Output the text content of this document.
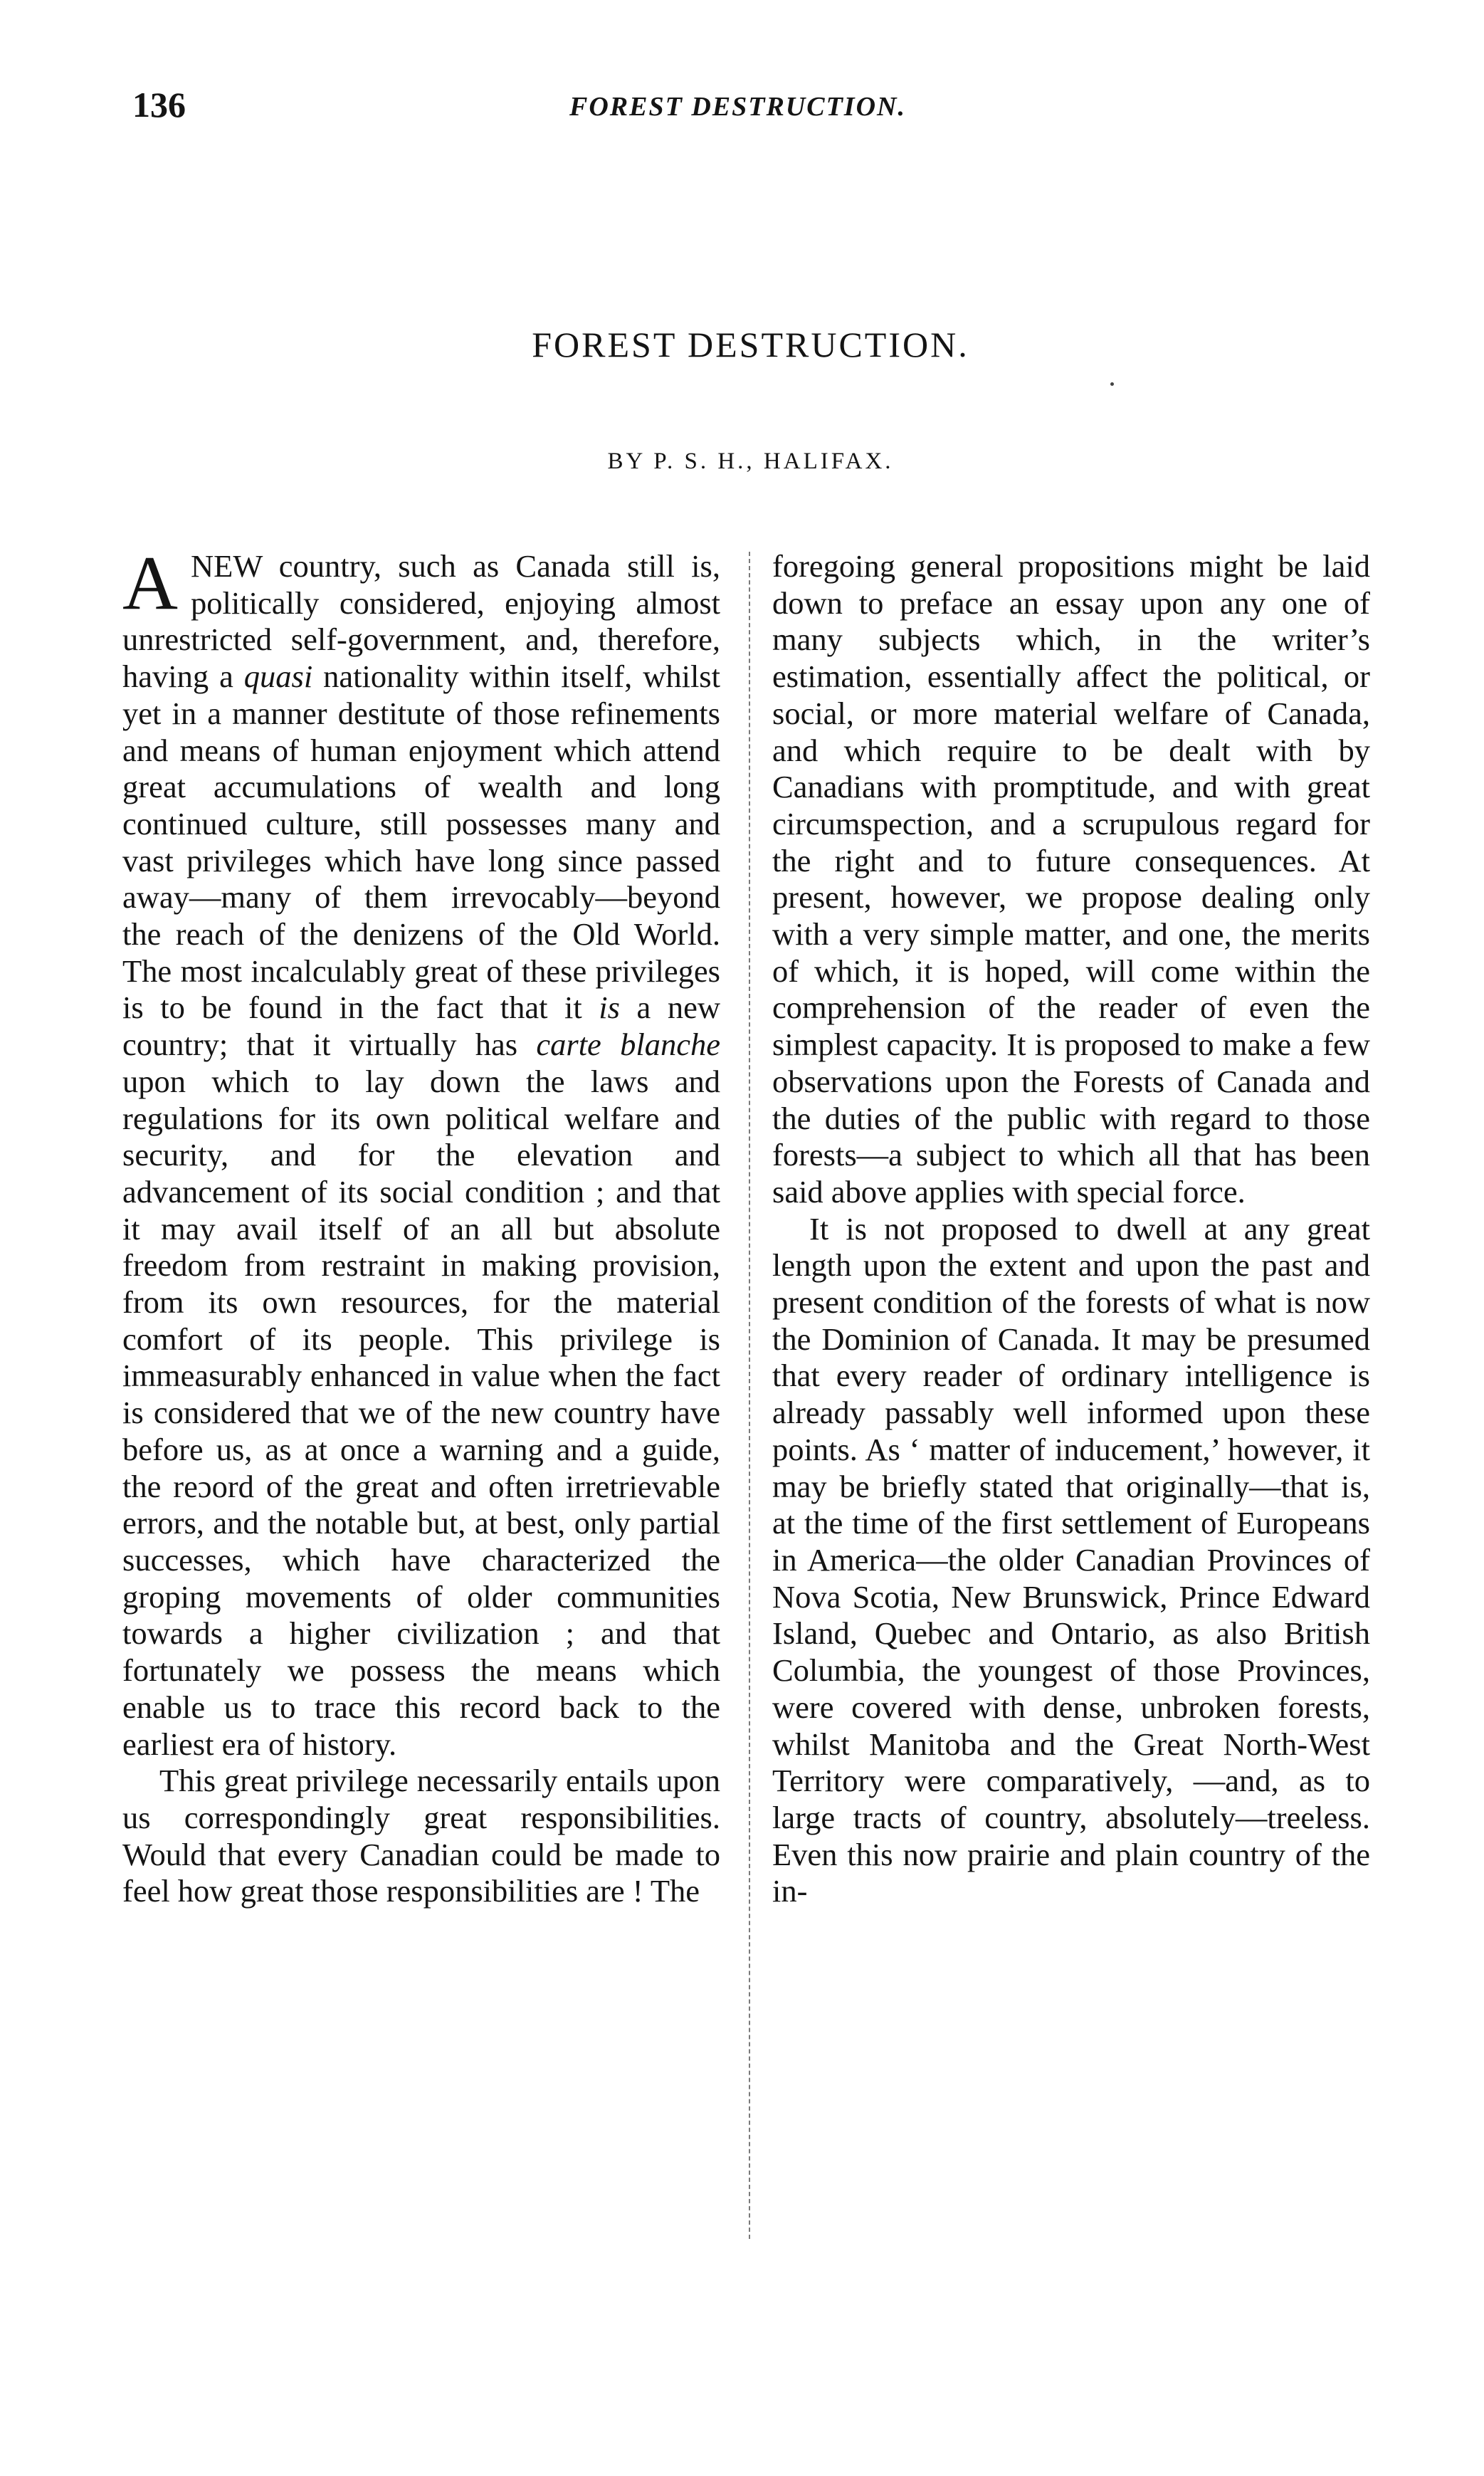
136	FOREST DESTRUCTION.
FOREST DESTRUCTION.
BY P. S. H., HALIFAX.

ANEW country, such as Canada still is, politically considered, enjoying almost unrestricted self-government, and, therefore, having a quasi nationality within itself, whilst yet in a manner destitute of those refinements and means of human enjoyment which attend great accumulations of wealth and long continued culture, still possesses many and vast privileges which have long since passed away—many of them irrevocably—beyond the reach of the denizens of the Old World. The most incalculably great of these privileges is to be found in the fact that it is a new country; that it virtually has carte blanche upon which to lay down the laws and regulations for its own political welfare and security, and for the elevation and advancement of its social condition ; and that it may avail itself of an all but absolute freedom from restraint in making provision, from its own resources, for the material comfort of its people. This privilege is immeasurably enhanced in value when the fact is considered that we of the new country have before us, as at once a warning and a guide, the reɔord of the great and often irretrievable errors, and the notable but, at best, only partial successes, which have characterized the groping movements of older communities towards a higher civilization ; and that fortunately we possess the means which enable us to trace this record back to the earliest era of history.

This great privilege necessarily entails upon us correspondingly great responsibilities. Would that every Canadian could be made to feel how great those responsibilities are ! The

foregoing general propositions might be laid down to preface an essay upon any one of many subjects which, in the writer’s estimation, essentially affect the political, or social, or more material welfare of Canada, and which require to be dealt with by Canadians with promptitude, and with great circumspection, and a scrupulous regard for the right and to future consequences. At present, however, we propose dealing only with a very simple matter, and one, the merits of which, it is hoped, will come within the comprehension of the reader of even the simplest capacity. It is proposed to make a few observations upon the Forests of Canada and the duties of the public with regard to those forests—a subject to which all that has been said above applies with special force.

It is not proposed to dwell at any great length upon the extent and upon the past and present condition of the forests of what is now the Dominion of Canada. It may be presumed that every reader of ordinary intelligence is already passably well informed upon these points. As ‘ matter of inducement,’ however, it may be briefly stated that originally—that is, at the time of the first settlement of Europeans in America—the older Canadian Provinces of Nova Scotia, New Brunswick, Prince Edward Island, Quebec and Ontario, as also British Columbia, the youngest of those Provinces, were covered with dense, unbroken forests, whilst Manitoba and the Great North-West Territory were comparatively, —and, as to large tracts of country, absolutely—treeless. Even this now prairie and plain country of the in-
